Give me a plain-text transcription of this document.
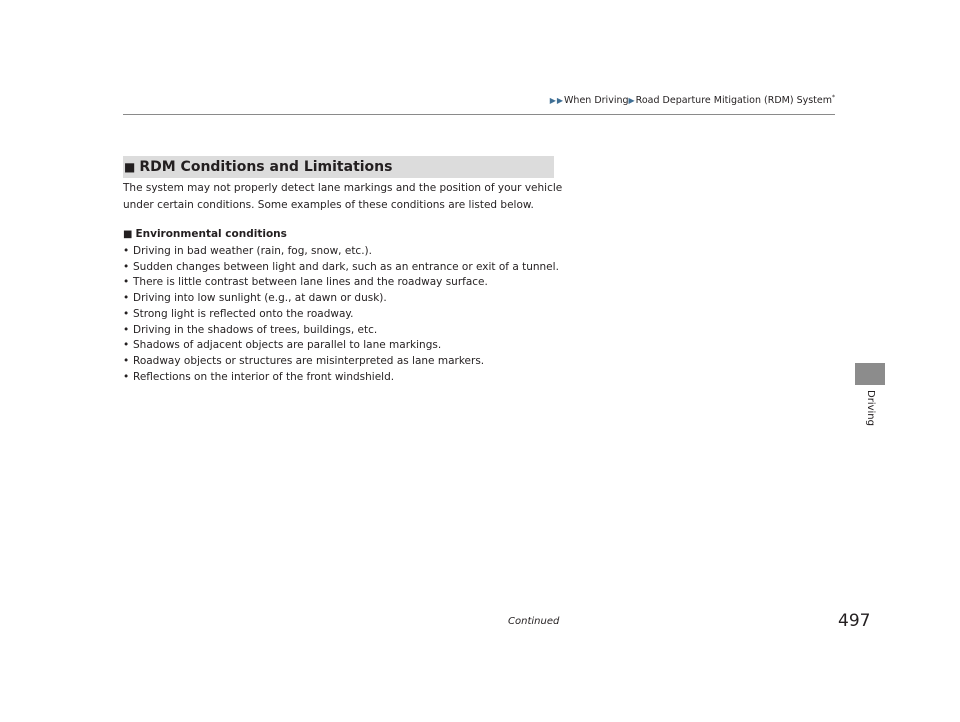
▶▶When Driving▶Road Departure Mitigation (RDM) System*
■ RDM Conditions and Limitations
The system may not properly detect lane markings and the position of your vehicle under certain conditions. Some examples of these conditions are listed below.
■ Environmental conditions
• Driving in bad weather (rain, fog, snow, etc.).
• Sudden changes between light and dark, such as an entrance or exit of a tunnel.
• There is little contrast between lane lines and the roadway surface.
• Driving into low sunlight (e.g., at dawn or dusk).
• Strong light is reflected onto the roadway.
• Driving in the shadows of trees, buildings, etc.
• Shadows of adjacent objects are parallel to lane markings.
• Roadway objects or structures are misinterpreted as lane markers.
• Reflections on the interior of the front windshield.
Driving
Continued	497
